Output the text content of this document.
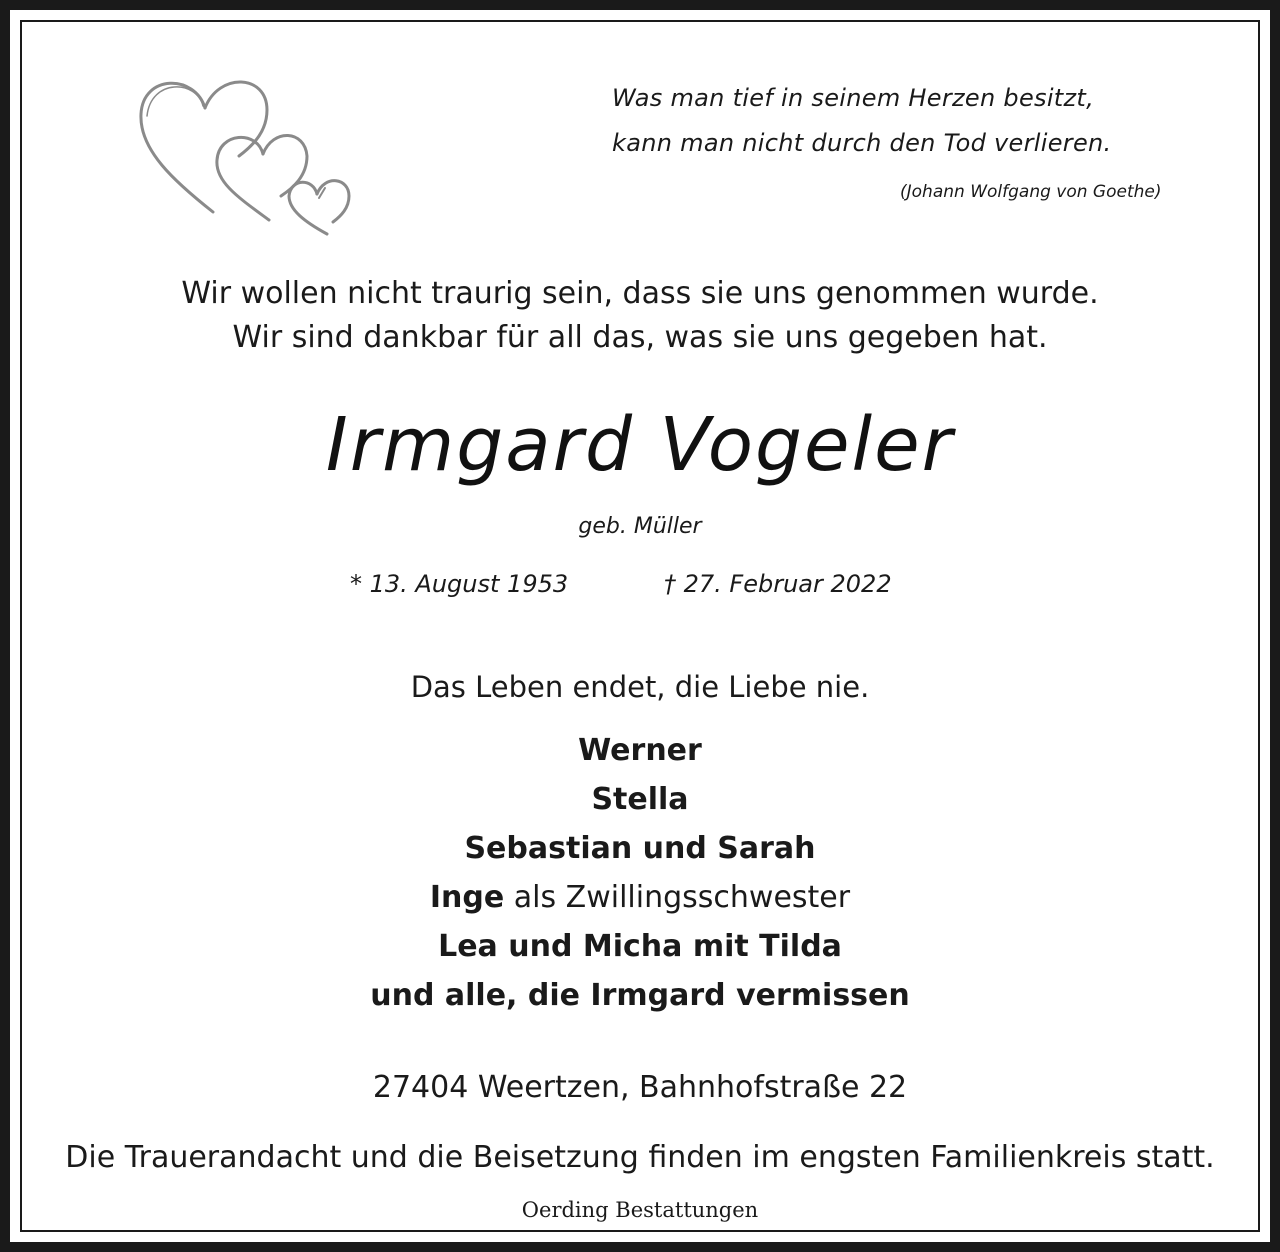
Was man tief in seinem Herzen besitzt,
kann man nicht durch den Tod verlieren.
(Johann Wolfgang von Goethe)
Wir wollen nicht traurig sein, dass sie uns genommen wurde.
Wir sind dankbar für all das, was sie uns gegeben hat.
Irmgard Vogeler
geb. Müller
* 13. August 1953	† 27. Februar 2022
Das Leben endet, die Liebe nie.
Werner
Stella
Sebastian und Sarah
Inge als Zwillingsschwester
Lea und Micha mit Tilda
und alle, die Irmgard vermissen
27404 Weertzen, Bahnhofstraße 22
Die Trauerandacht und die Beisetzung finden im engsten Familienkreis statt.
Oerding Bestattungen
